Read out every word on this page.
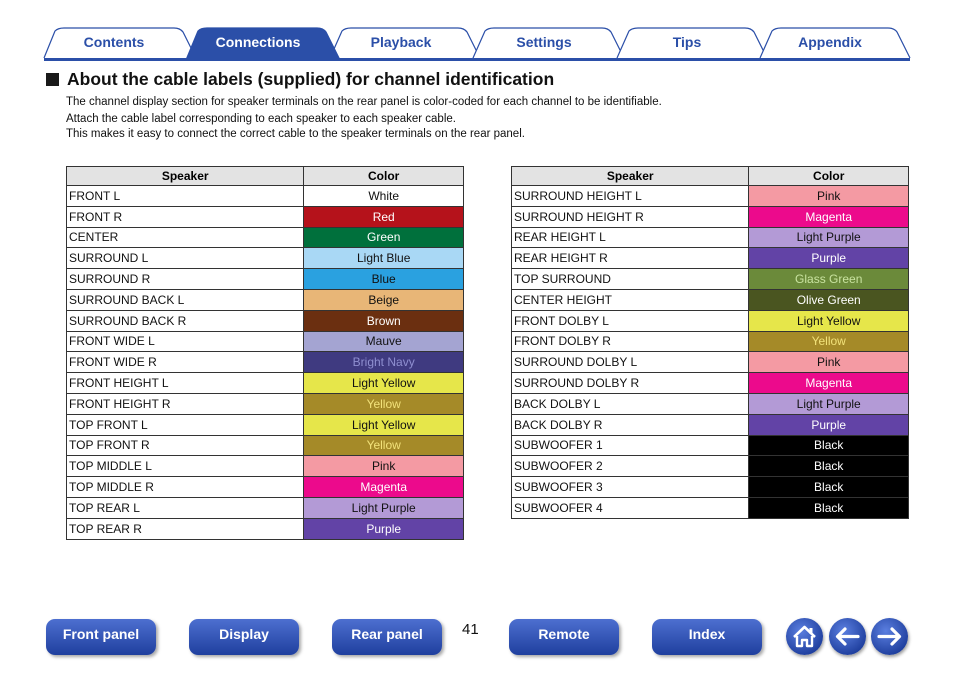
Contents	Connections	Playback	Settings	Tips	Appendix
About the cable labels (supplied) for channel identification

The channel display section for speaker terminals on the rear panel is color-coded for each channel to be identifiable.

Attach the cable label corresponding to each speaker to each speaker cable.

This makes it easy to connect the correct cable to the speaker terminals on the rear panel.

Speaker	Color
FRONT L	White
FRONT R	Red
CENTER	Green
SURROUND L	Light Blue
SURROUND R	Blue
SURROUND BACK L	Beige
SURROUND BACK R	Brown
FRONT WIDE L	Mauve
FRONT WIDE R	Bright Navy
FRONT HEIGHT L	Light Yellow
FRONT HEIGHT R	Yellow
TOP FRONT L	Light Yellow
TOP FRONT R	Yellow
TOP MIDDLE L	Pink
TOP MIDDLE R	Magenta
TOP REAR L	Light Purple
TOP REAR R	Purple
Speaker	Color
SURROUND HEIGHT L	Pink
SURROUND HEIGHT R	Magenta
REAR HEIGHT L	Light Purple
REAR HEIGHT R	Purple
TOP SURROUND	Glass Green
CENTER HEIGHT	Olive Green
FRONT DOLBY L	Light Yellow
FRONT DOLBY R	Yellow
SURROUND DOLBY L	Pink
SURROUND DOLBY R	Magenta
BACK DOLBY L	Light Purple
BACK DOLBY R	Purple
SUBWOOFER 1	Black
SUBWOOFER 2	Black
SUBWOOFER 3	Black
SUBWOOFER 4	Black
Front panel	Display	Rear panel	41	Remote	Index
